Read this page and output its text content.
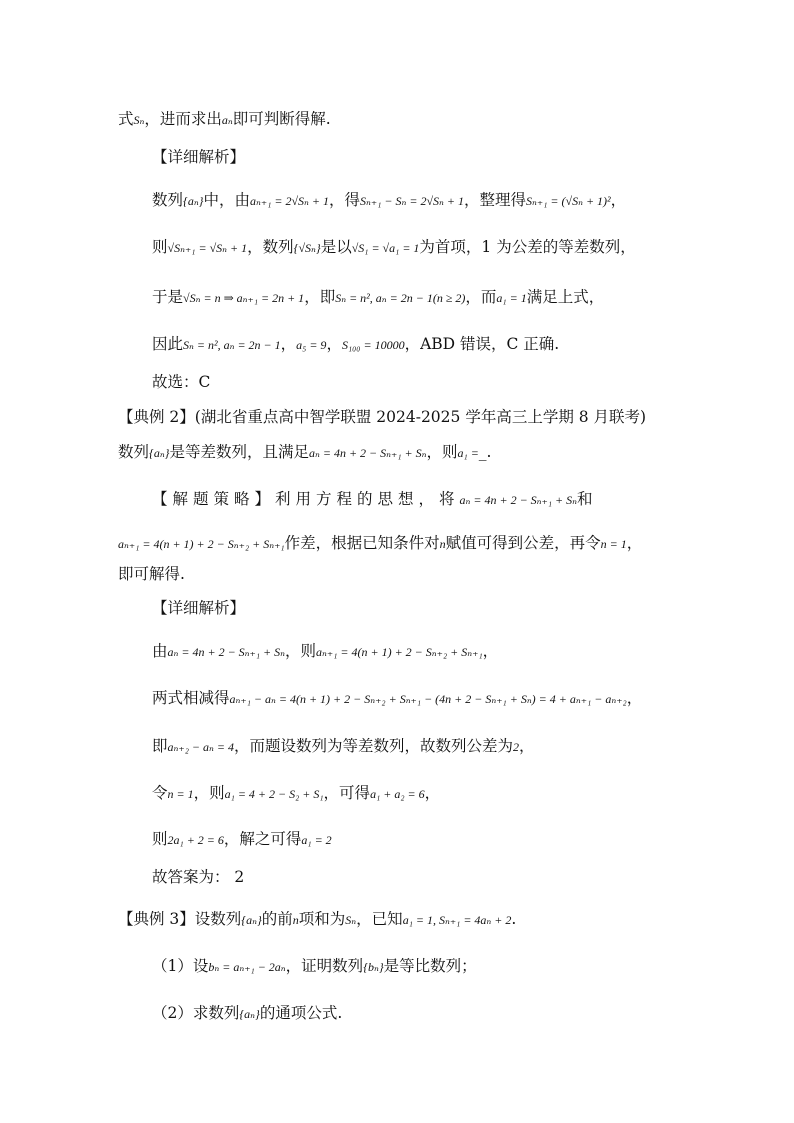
式Sₙ，进而求出aₙ即可判断得解.
【详细解析】
数列{aₙ}中，由aₙ₊₁ = 2√Sₙ + 1，得Sₙ₊₁ − Sₙ = 2√Sₙ + 1，整理得Sₙ₊₁ = (√Sₙ + 1)²，
则√Sₙ₊₁ = √Sₙ + 1，数列{√Sₙ}是以√S₁ = √a₁ = 1为首项，1 为公差的等差数列，
于是√Sₙ = n ⇒ aₙ₊₁ = 2n + 1，即Sₙ = n², aₙ = 2n − 1(n ≥ 2)，而a₁ = 1满足上式，
因此Sₙ = n², aₙ = 2n − 1，a₅ = 9，S₁₀₀ = 10000，ABD 错误，C 正确.
故选：C
【典例 2】(湖北省重点高中智学联盟 2024-2025 学年高三上学期 8 月联考)
数列{aₙ}是等差数列，且满足aₙ = 4n + 2 − Sₙ₊₁ + Sₙ，则a₁ =_.
【解题策略】利用方程的思想，将aₙ = 4n + 2 − Sₙ₊₁ + Sₙ和
aₙ₊₁ = 4(n + 1) + 2 − Sₙ₊₂ + Sₙ₊₁作差，根据已知条件对n赋值可得到公差，再令n = 1，
即可解得.
【详细解析】
由aₙ = 4n + 2 − Sₙ₊₁ + Sₙ，则aₙ₊₁ = 4(n + 1) + 2 − Sₙ₊₂ + Sₙ₊₁，
两式相减得aₙ₊₁ − aₙ = 4(n + 1) + 2 − Sₙ₊₂ + Sₙ₊₁ − (4n + 2 − Sₙ₊₁ + Sₙ) = 4 + aₙ₊₁ − aₙ₊₂，
即aₙ₊₂ − aₙ = 4，而题设数列为等差数列，故数列公差为2，
令n = 1，则a₁ = 4 + 2 − S₂ + S₁，可得a₁ + a₂ = 6，
则2a₁ + 2 = 6，解之可得a₁ = 2
故答案为： 2
【典例 3】设数列{aₙ}的前n项和为Sₙ，已知a₁ = 1, Sₙ₊₁ = 4aₙ + 2.
（1）设bₙ = aₙ₊₁ − 2aₙ，证明数列{bₙ}是等比数列；
（2）求数列{aₙ}的通项公式.
